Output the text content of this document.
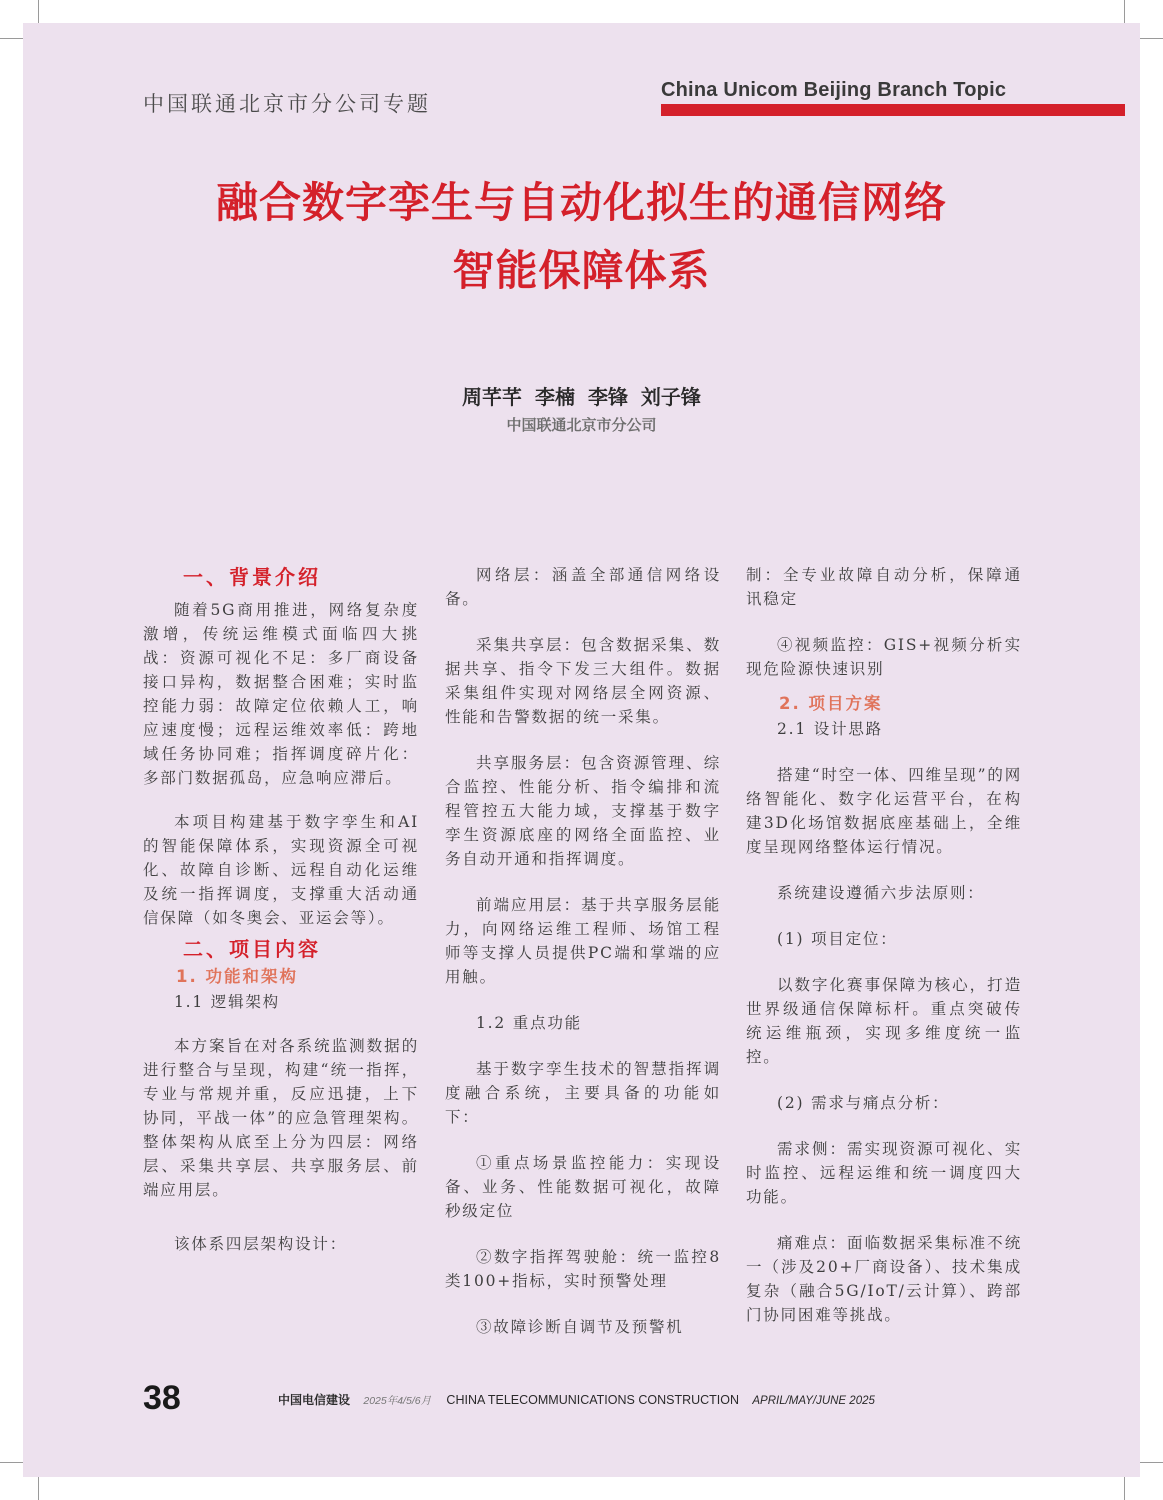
中国联通北京市分公司专题
China Unicom Beijing Branch Topic
融合数字孪生与自动化拟生的通信网络
智能保障体系
周芊芊 李楠 李锋 刘子锋
中国联通北京市分公司

一、背景介绍

随着5G商用推进，网络复杂度激增，传统运维模式面临四大挑战：资源可视化不足：多厂商设备接口异构，数据整合困难；实时监控能力弱：故障定位依赖人工，响应速度慢；远程运维效率低：跨地域任务协同难；指挥调度碎片化：多部门数据孤岛，应急响应滞后。

本项目构建基于数字孪生和AI的智能保障体系，实现资源全可视化、故障自诊断、远程自动化运维及统一指挥调度，支撑重大活动通信保障（如冬奥会、亚运会等）。

二、项目内容

1. 功能和架构

1.1 逻辑架构

本方案旨在对各系统监测数据的进行整合与呈现，构建“统一指挥，专业与常规并重，反应迅捷，上下协同，平战一体”的应急管理架构。整体架构从底至上分为四层：网络层、采集共享层、共享服务层、前端应用层。

该体系四层架构设计：

网络层：涵盖全部通信网络设备。

采集共享层：包含数据采集、数据共享、指令下发三大组件。数据采集组件实现对网络层全网资源、性能和告警数据的统一采集。

共享服务层：包含资源管理、综合监控、性能分析、指令编排和流程管控五大能力域，支撑基于数字孪生资源底座的网络全面监控、业务自动开通和指挥调度。

前端应用层：基于共享服务层能力，向网络运维工程师、场馆工程师等支撑人员提供PC端和掌端的应用触。

1.2 重点功能

基于数字孪生技术的智慧指挥调度融合系统，主要具备的功能如下：

①重点场景监控能力：实现设备、业务、性能数据可视化，故障秒级定位

②数字指挥驾驶舱：统一监控8类100+指标，实时预警处理

③故障诊断自调节及预警机

制：全专业故障自动分析，保障通讯稳定

④视频监控：GIS+视频分析实现危险源快速识别

2. 项目方案

2.1 设计思路

搭建“时空一体、四维呈现”的网络智能化、数字化运营平台，在构建3D化场馆数据底座基础上，全维度呈现网络整体运行情况。

系统建设遵循六步法原则：

(1) 项目定位：

以数字化赛事保障为核心，打造世界级通信保障标杆。重点突破传统运维瓶颈，实现多维度统一监控。

(2) 需求与痛点分析：

需求侧：需实现资源可视化、实时监控、远程运维和统一调度四大功能。

痛难点：面临数据采集标准不统一（涉及20+厂商设备）、技术集成复杂（融合5G/IoT/云计算）、跨部门协同困难等挑战。

38	中国电信建设 2025年4/5/6月 CHINA TELECOMMUNICATIONS CONSTRUCTION APRIL/MAY/JUNE 2025
